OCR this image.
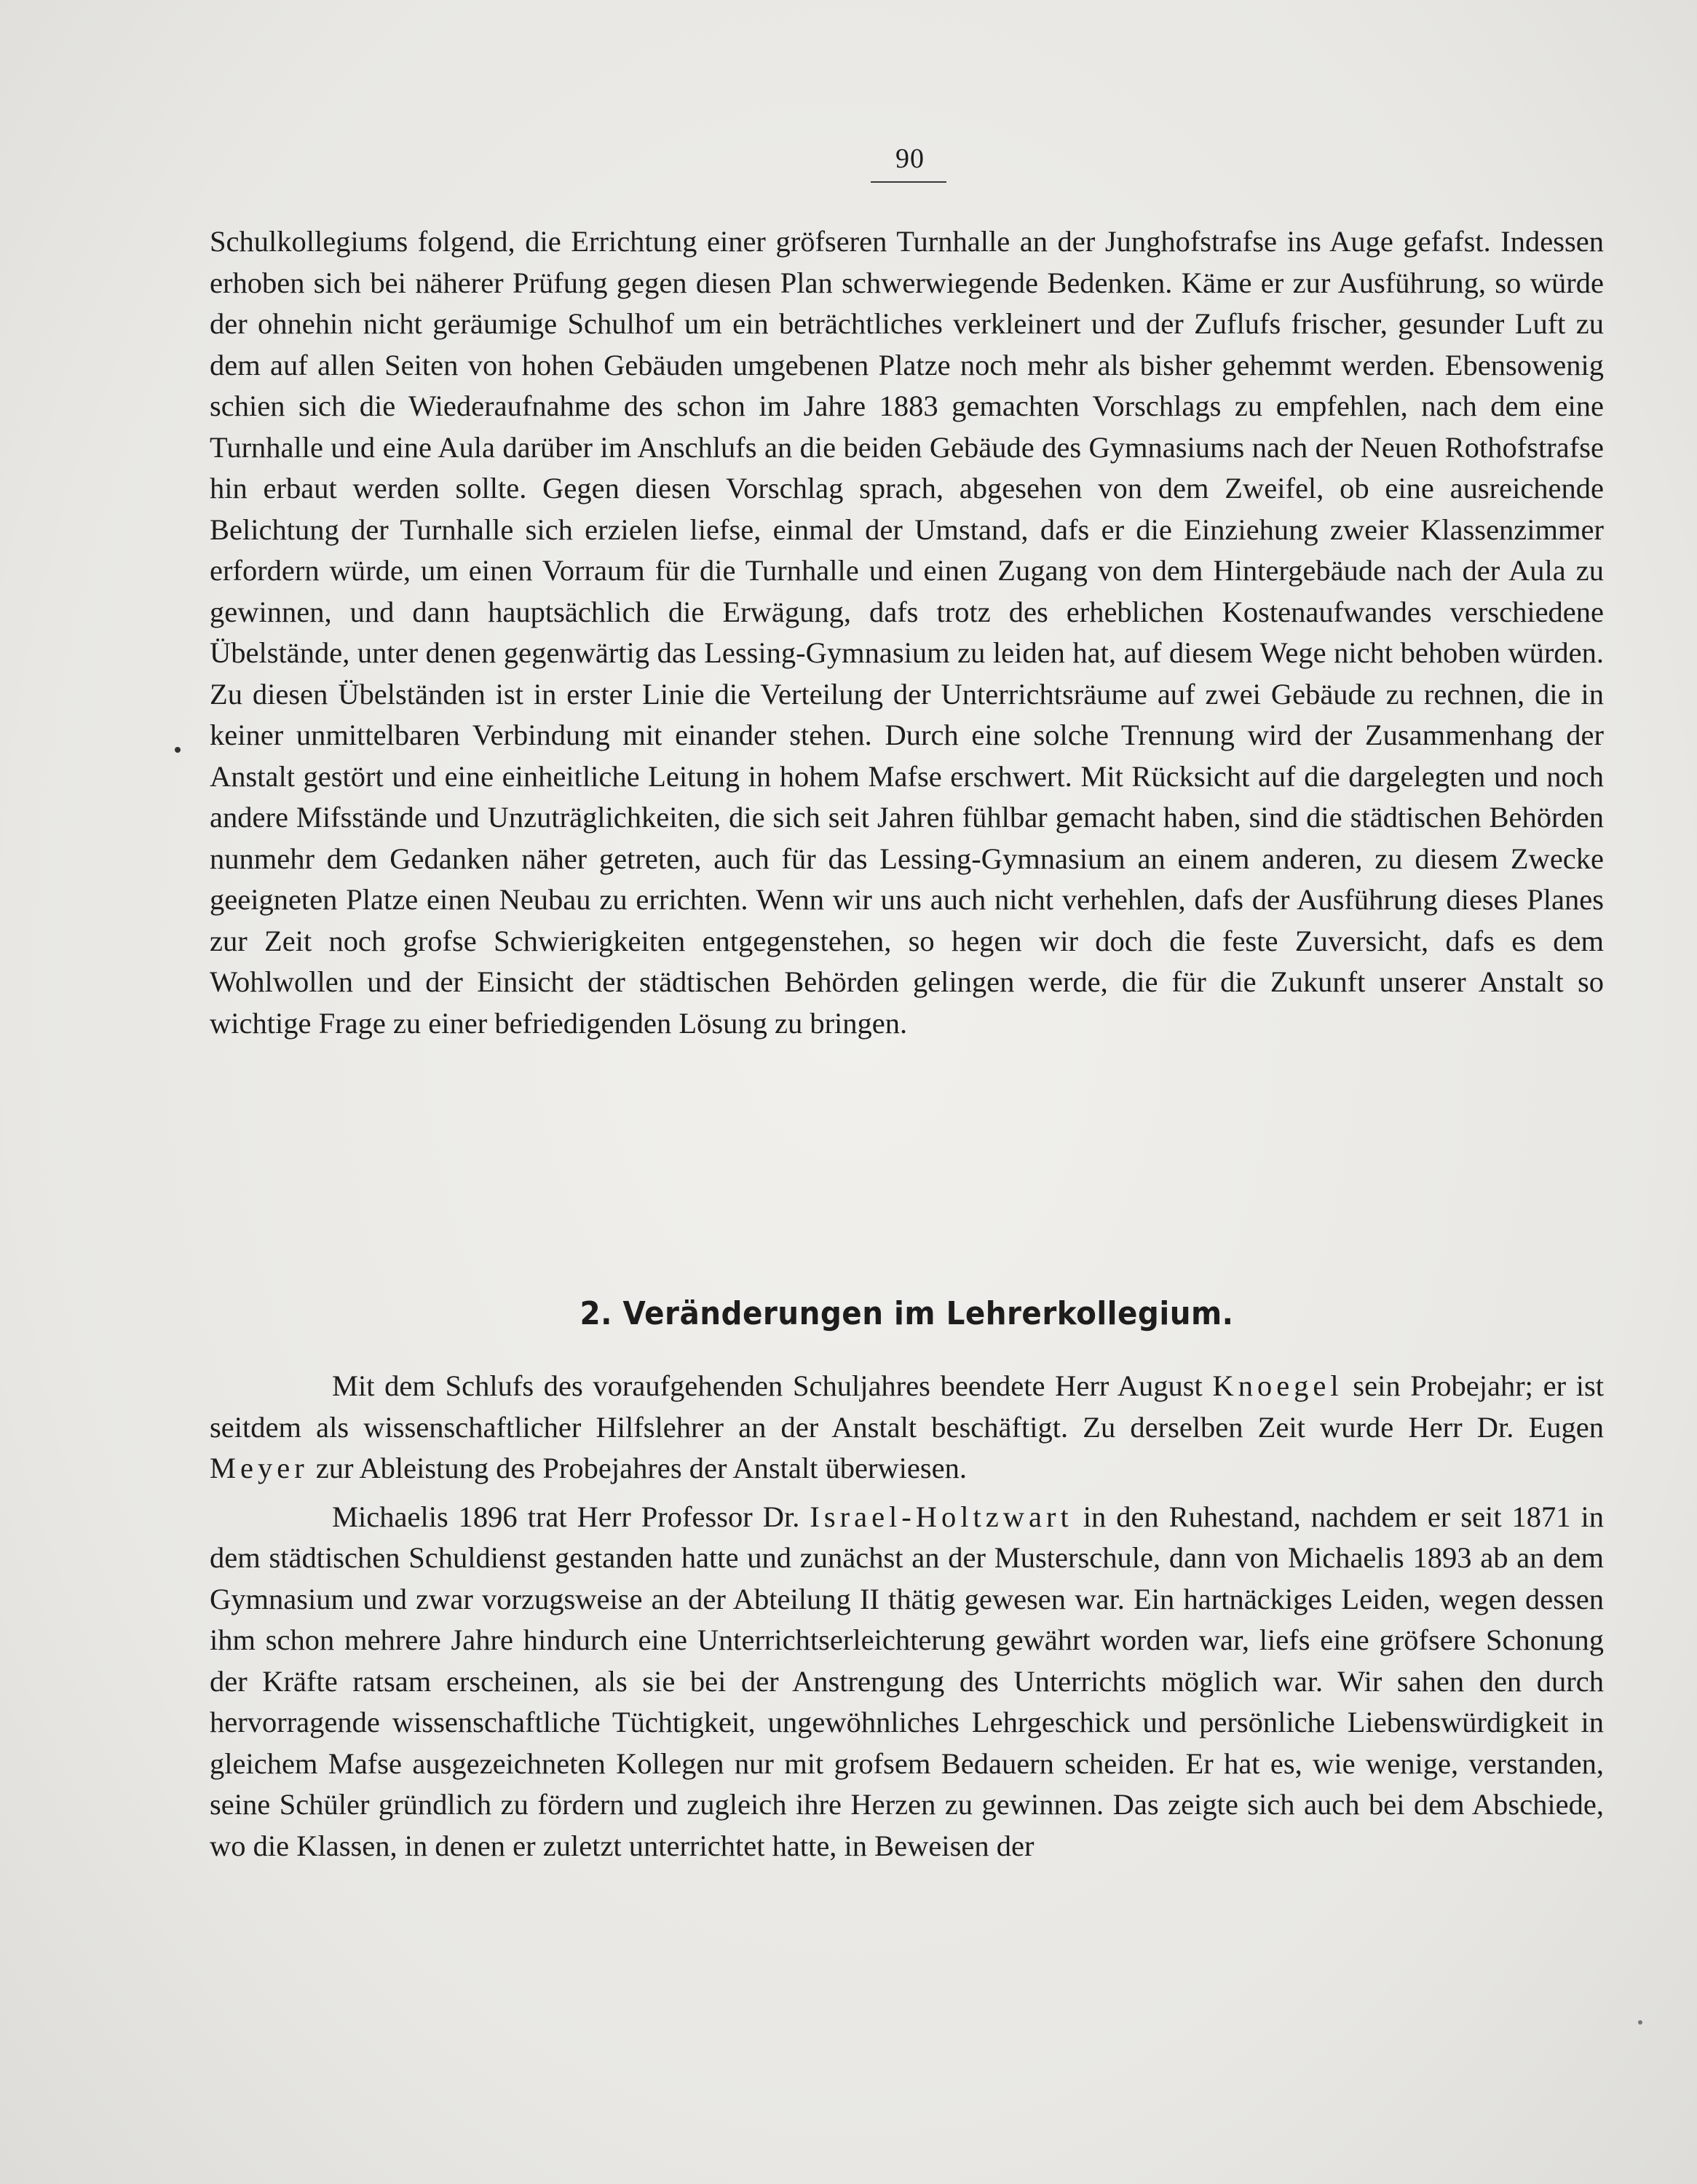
90

Schulkollegiums folgend, die Errichtung einer gröfseren Turnhalle an der Junghofstrafse ins Auge gefafst. Indessen erhoben sich bei näherer Prüfung gegen diesen Plan schwerwiegende Bedenken. Käme er zur Ausführung, so würde der ohnehin nicht geräumige Schulhof um ein beträchtliches verkleinert und der Zuflufs frischer, gesunder Luft zu dem auf allen Seiten von hohen Gebäuden umgebenen Platze noch mehr als bisher gehemmt werden. Ebensowenig schien sich die Wiederaufnahme des schon im Jahre 1883 gemachten Vorschlags zu empfehlen, nach dem eine Turnhalle und eine Aula darüber im Anschlufs an die beiden Gebäude des Gymnasiums nach der Neuen Rothofstrafse hin erbaut werden sollte. Gegen diesen Vorschlag sprach, abgesehen von dem Zweifel, ob eine ausreichende Belichtung der Turnhalle sich erzielen liefse, einmal der Umstand, dafs er die Einziehung zweier Klassenzimmer erfordern würde, um einen Vorraum für die Turnhalle und einen Zugang von dem Hintergebäude nach der Aula zu gewinnen, und dann hauptsächlich die Erwägung, dafs trotz des erheblichen Kostenaufwandes verschiedene Übelstände, unter denen gegenwärtig das Lessing-Gymnasium zu leiden hat, auf diesem Wege nicht behoben würden. Zu diesen Übelständen ist in erster Linie die Verteilung der Unterrichtsräume auf zwei Gebäude zu rechnen, die in keiner unmittelbaren Verbindung mit einander stehen. Durch eine solche Trennung wird der Zusammenhang der Anstalt gestört und eine einheitliche Leitung in hohem Mafse erschwert. Mit Rücksicht auf die dargelegten und noch andere Mifsstände und Unzuträglichkeiten, die sich seit Jahren fühlbar gemacht haben, sind die städtischen Behörden nunmehr dem Gedanken näher getreten, auch für das Lessing-Gymnasium an einem anderen, zu diesem Zwecke geeigneten Platze einen Neubau zu errichten. Wenn wir uns auch nicht verhehlen, dafs der Ausführung dieses Planes zur Zeit noch grofse Schwierigkeiten entgegenstehen, so hegen wir doch die feste Zuversicht, dafs es dem Wohlwollen und der Einsicht der städtischen Behörden gelingen werde, die für die Zukunft unserer Anstalt so wichtige Frage zu einer befriedigenden Lösung zu bringen.

2. Veränderungen im Lehrerkollegium.

Mit dem Schlufs des voraufgehenden Schuljahres beendete Herr August Knoegel sein Probejahr; er ist seitdem als wissenschaftlicher Hilfslehrer an der Anstalt beschäftigt. Zu derselben Zeit wurde Herr Dr. Eugen Meyer zur Ableistung des Probejahres der Anstalt überwiesen.

Michaelis 1896 trat Herr Professor Dr. Israel-Holtzwart in den Ruhestand, nachdem er seit 1871 in dem städtischen Schuldienst gestanden hatte und zunächst an der Musterschule, dann von Michaelis 1893 ab an dem Gymnasium und zwar vorzugsweise an der Abteilung II thätig gewesen war. Ein hartnäckiges Leiden, wegen dessen ihm schon mehrere Jahre hindurch eine Unterrichtserleichterung gewährt worden war, liefs eine gröfsere Schonung der Kräfte ratsam erscheinen, als sie bei der Anstrengung des Unterrichts möglich war. Wir sahen den durch hervorragende wissenschaftliche Tüchtigkeit, ungewöhnliches Lehrgeschick und persönliche Liebenswürdigkeit in gleichem Mafse ausgezeichneten Kollegen nur mit grofsem Bedauern scheiden. Er hat es, wie wenige, verstanden, seine Schüler gründlich zu fördern und zugleich ihre Herzen zu gewinnen. Das zeigte sich auch bei dem Abschiede, wo die Klassen, in denen er zuletzt unterrichtet hatte, in Beweisen der
